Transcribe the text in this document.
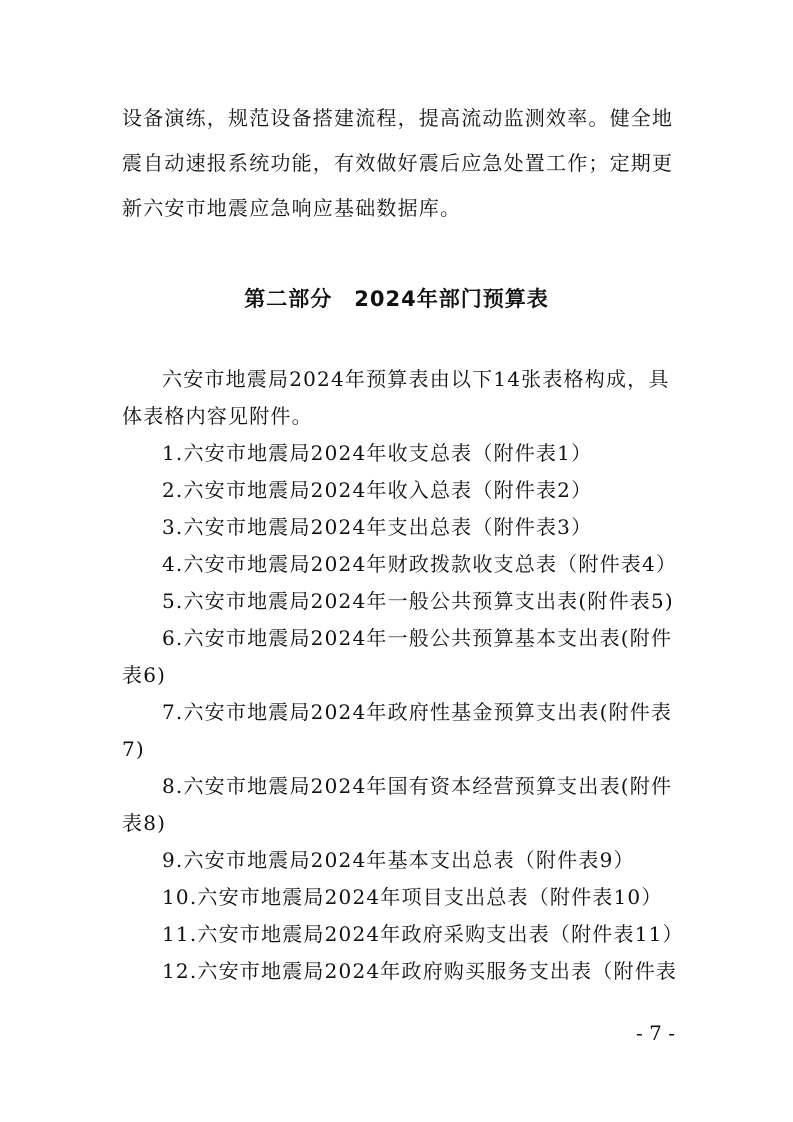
设备演练，规范设备搭建流程，提高流动监测效率。健全地
震自动速报系统功能，有效做好震后应急处置工作；定期更
新六安市地震应急响应基础数据库。
第二部分　2024年部门预算表
六安市地震局2024年预算表由以下14张表格构成，具
体表格内容见附件。
1.六安市地震局2024年收支总表（附件表1）
2.六安市地震局2024年收入总表（附件表2）
3.六安市地震局2024年支出总表（附件表3）
4.六安市地震局2024年财政拨款收支总表（附件表4）
5.六安市地震局2024年一般公共预算支出表(附件表5)
6.六安市地震局2024年一般公共预算基本支出表(附件
表6)
7.六安市地震局2024年政府性基金预算支出表(附件表
7)
8.六安市地震局2024年国有资本经营预算支出表(附件
表8)
9.六安市地震局2024年基本支出总表（附件表9）
10.六安市地震局2024年项目支出总表（附件表10）
11.六安市地震局2024年政府采购支出表（附件表11）
12.六安市地震局2024年政府购买服务支出表（附件表
- 7 -
